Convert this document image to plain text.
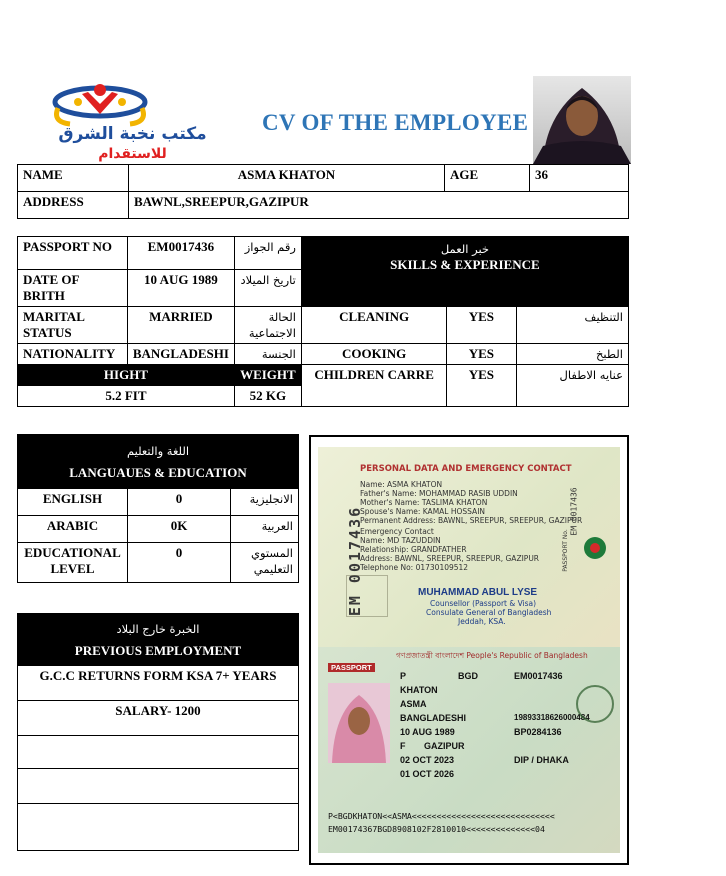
مكتب نخبة الشرق
للاستقدام
CV OF THE EMPLOYEE
NAME	ASMA KHATON	AGE	36
ADDRESS	BAWNL,SREEPUR,GAZIPUR		
PASSPORT NO	EM0017436	رقم الجواز	خبر العمل
SKILLS & EXPERIENCE		

DATE OF BRITH	10 AUG 1989	تاريخ الميلاد			
MARITAL STATUS	MARRIED	الحالة الاجتماعية	CLEANING	YES	التنظيف
NATIONALITY	BANGLADESHI	الجنسة	COOKING	YES	الطبخ
HIGHT		WEIGHT	CHILDREN CARRE	YES	عنايه الاطفال
5.2 FIT		52 KG			
اللغة والتعليم
LANGUAUES & EDUCATION		

ENGLISH	0	الانجليزية
ARABIC	0K	العربية
EDUCATIONAL LEVEL	0	المستوي التعليمي
الخبرة خارج البلاد
PREVIOUS EMPLOYMENT

G.C.C RETURNS FORM KSA 7+ YEARS
SALARY- 1200

PERSONAL DATA AND EMERGENCY CONTACT
Name: ASMA KHATON
Father's Name: MOHAMMAD RASIB UDDIN
Mother's Name: TASLIMA KHATON
Spouse's Name: KAMAL HOSSAIN
Permanent Address: BAWNL, SREEPUR, SREEPUR, GAZIPUR
Emergency Contact
Name: MD TAZUDDIN
Relationship: GRANDFATHER
Address: BAWNL, SREEPUR, SREEPUR, GAZIPUR
Telephone No: 01730109512
EM 0017436	EM 0017436
PASSPORT No.
MUHAMMAD ABUL LYSE
Counsellor (Passport & Visa)
Consulate General of Bangladesh
Jeddah, KSA.
গণপ্রজাতন্ত্রী বাংলাদেশ People's Republic of Bangladesh
PASSPORT
P	BGD	EM0017436
KHATON
ASMA
BANGLADESHI	19893318626000484
10 AUG 1989	BP0284136
F GAZIPUR
02 OCT 2023	DIP / DHAKA
01 OCT 2026
P<BGDKHATON<<ASMA<<<<<<<<<<<<<<<<<<<<<<<<<<<<<
EM00174367BGD8908102F2810010<<<<<<<<<<<<<<04
